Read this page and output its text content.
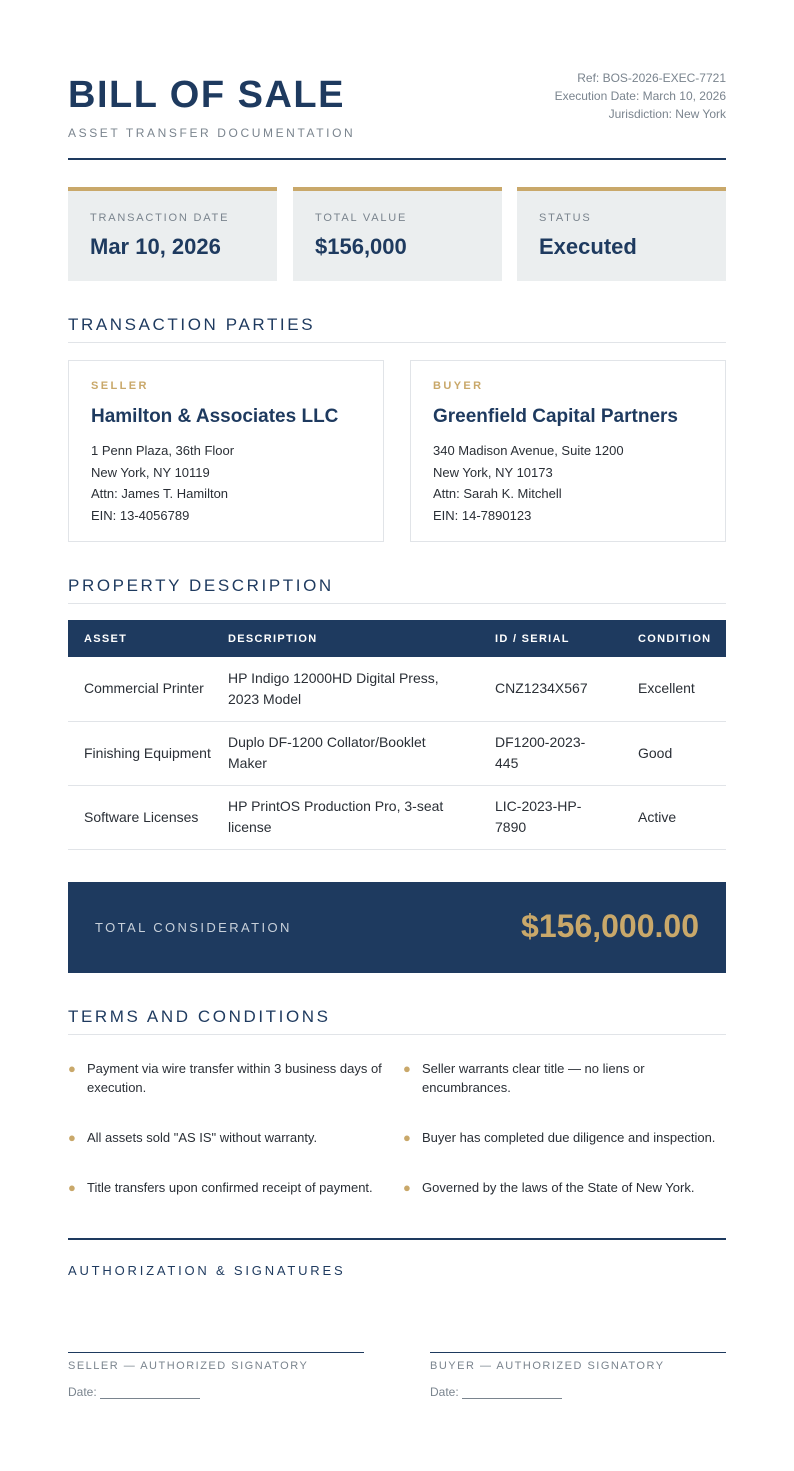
BILL OF SALE
ASSET TRANSFER DOCUMENTATION
Ref: BOS-2026-EXEC-7721
Execution Date: March 10, 2026
Jurisdiction: New York
TRANSACTION DATE
Mar 10, 2026
TOTAL VALUE
$156,000
STATUS
Executed
TRANSACTION PARTIES
SELLER
Hamilton & Associates LLC
1 Penn Plaza, 36th Floor
New York, NY 10119
Attn: James T. Hamilton
EIN: 13-4056789
BUYER
Greenfield Capital Partners
340 Madison Avenue, Suite 1200
New York, NY 10173
Attn: Sarah K. Mitchell
EIN: 14-7890123
PROPERTY DESCRIPTION
ASSET	DESCRIPTION	ID / SERIAL	CONDITION
Commercial Printer	HP Indigo 12000HD Digital Press, 2023 Model	CNZ1234X567	Excellent
Finishing Equipment	Duplo DF-1200 Collator/Booklet Maker	DF1200-2023-445	Good
Software Licenses	HP PrintOS Production Pro, 3-seat license	LIC-2023-HP-7890	Active
TOTAL CONSIDERATION	$156,000.00
TERMS AND CONDITIONS
● Payment via wire transfer within 3 business days of execution.
● Seller warrants clear title — no liens or encumbrances.
● All assets sold "AS IS" without warranty.	● Buyer has completed due diligence and inspection.
● Title transfers upon confirmed receipt of payment.	● Governed by the laws of the State of New York.
AUTHORIZATION & SIGNATURES
SELLER — AUTHORIZED SIGNATORY
Date:
BUYER — AUTHORIZED SIGNATORY
Date:
